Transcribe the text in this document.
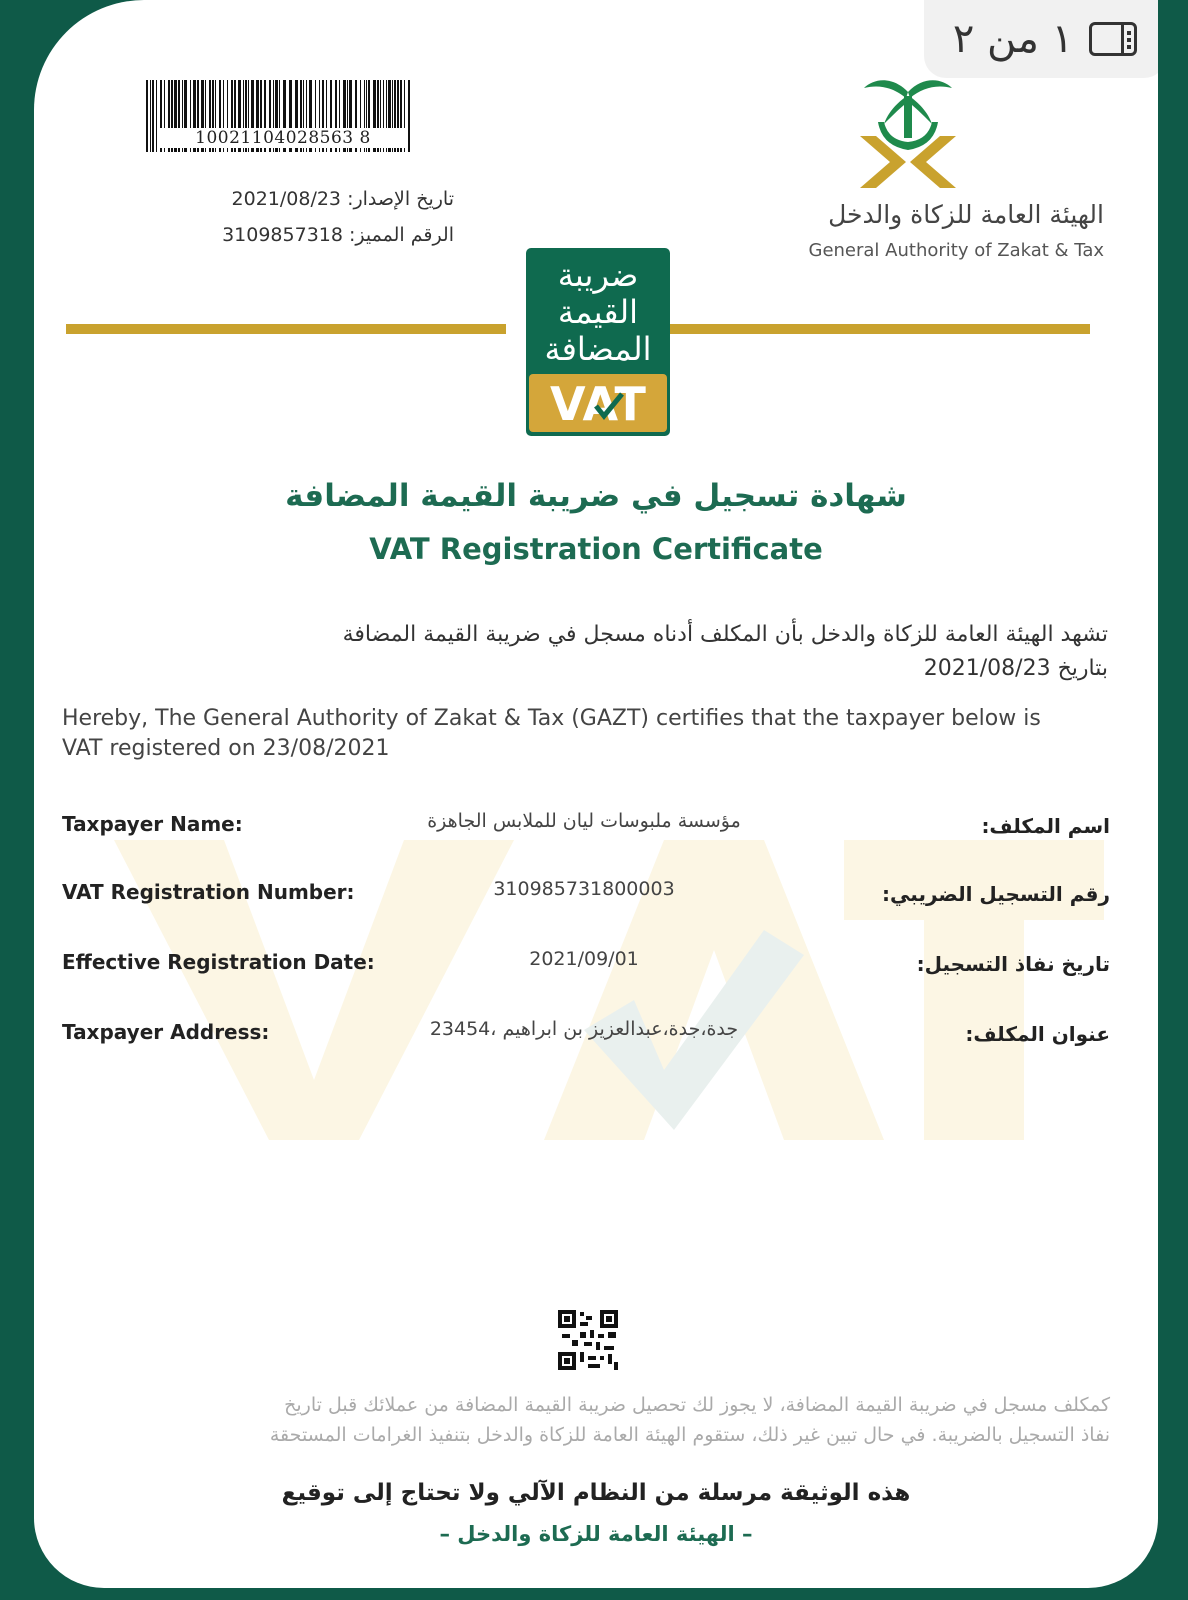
١ من ٢
10021104028563 8
تاريخ الإصدار: 2021/08/23
الرقم المميز: 3109857318
الهيئة العامة للزكاة والدخل
General Authority of Zakat & Tax
ضريبة
القيمة
المضافة
VAT
شهادة تسجيل في ضريبة القيمة المضافة
VAT Registration Certificate
تشهد الهيئة العامة للزكاة والدخل بأن المكلف أدناه مسجل في ضريبة القيمة المضافة
بتاريخ 2021/08/23
Hereby, The General Authority of Zakat & Tax (GAZT) certifies that the taxpayer below is
VAT registered on 23/08/2021
Taxpayer Name:	مؤسسة ملبوسات ليان للملابس الجاهزة	اسم المكلف:
VAT Registration Number:	310985731800003	رقم التسجيل الضريبي:
Effective Registration Date:	2021/09/01	تاريخ نفاذ التسجيل:
Taxpayer Address:	جدة،جدة،عبدالعزيز بن ابراهيم ،23454	عنوان المكلف:
كمكلف مسجل في ضريبة القيمة المضافة، لا يجوز لك تحصيل ضريبة القيمة المضافة من عملائك قبل تاريخ
نفاذ التسجيل بالضريبة. في حال تبين غير ذلك، ستقوم الهيئة العامة للزكاة والدخل بتنفيذ الغرامات المستحقة
هذه الوثيقة مرسلة من النظام الآلي ولا تحتاج إلى توقيع
– الهيئة العامة للزكاة والدخل –
